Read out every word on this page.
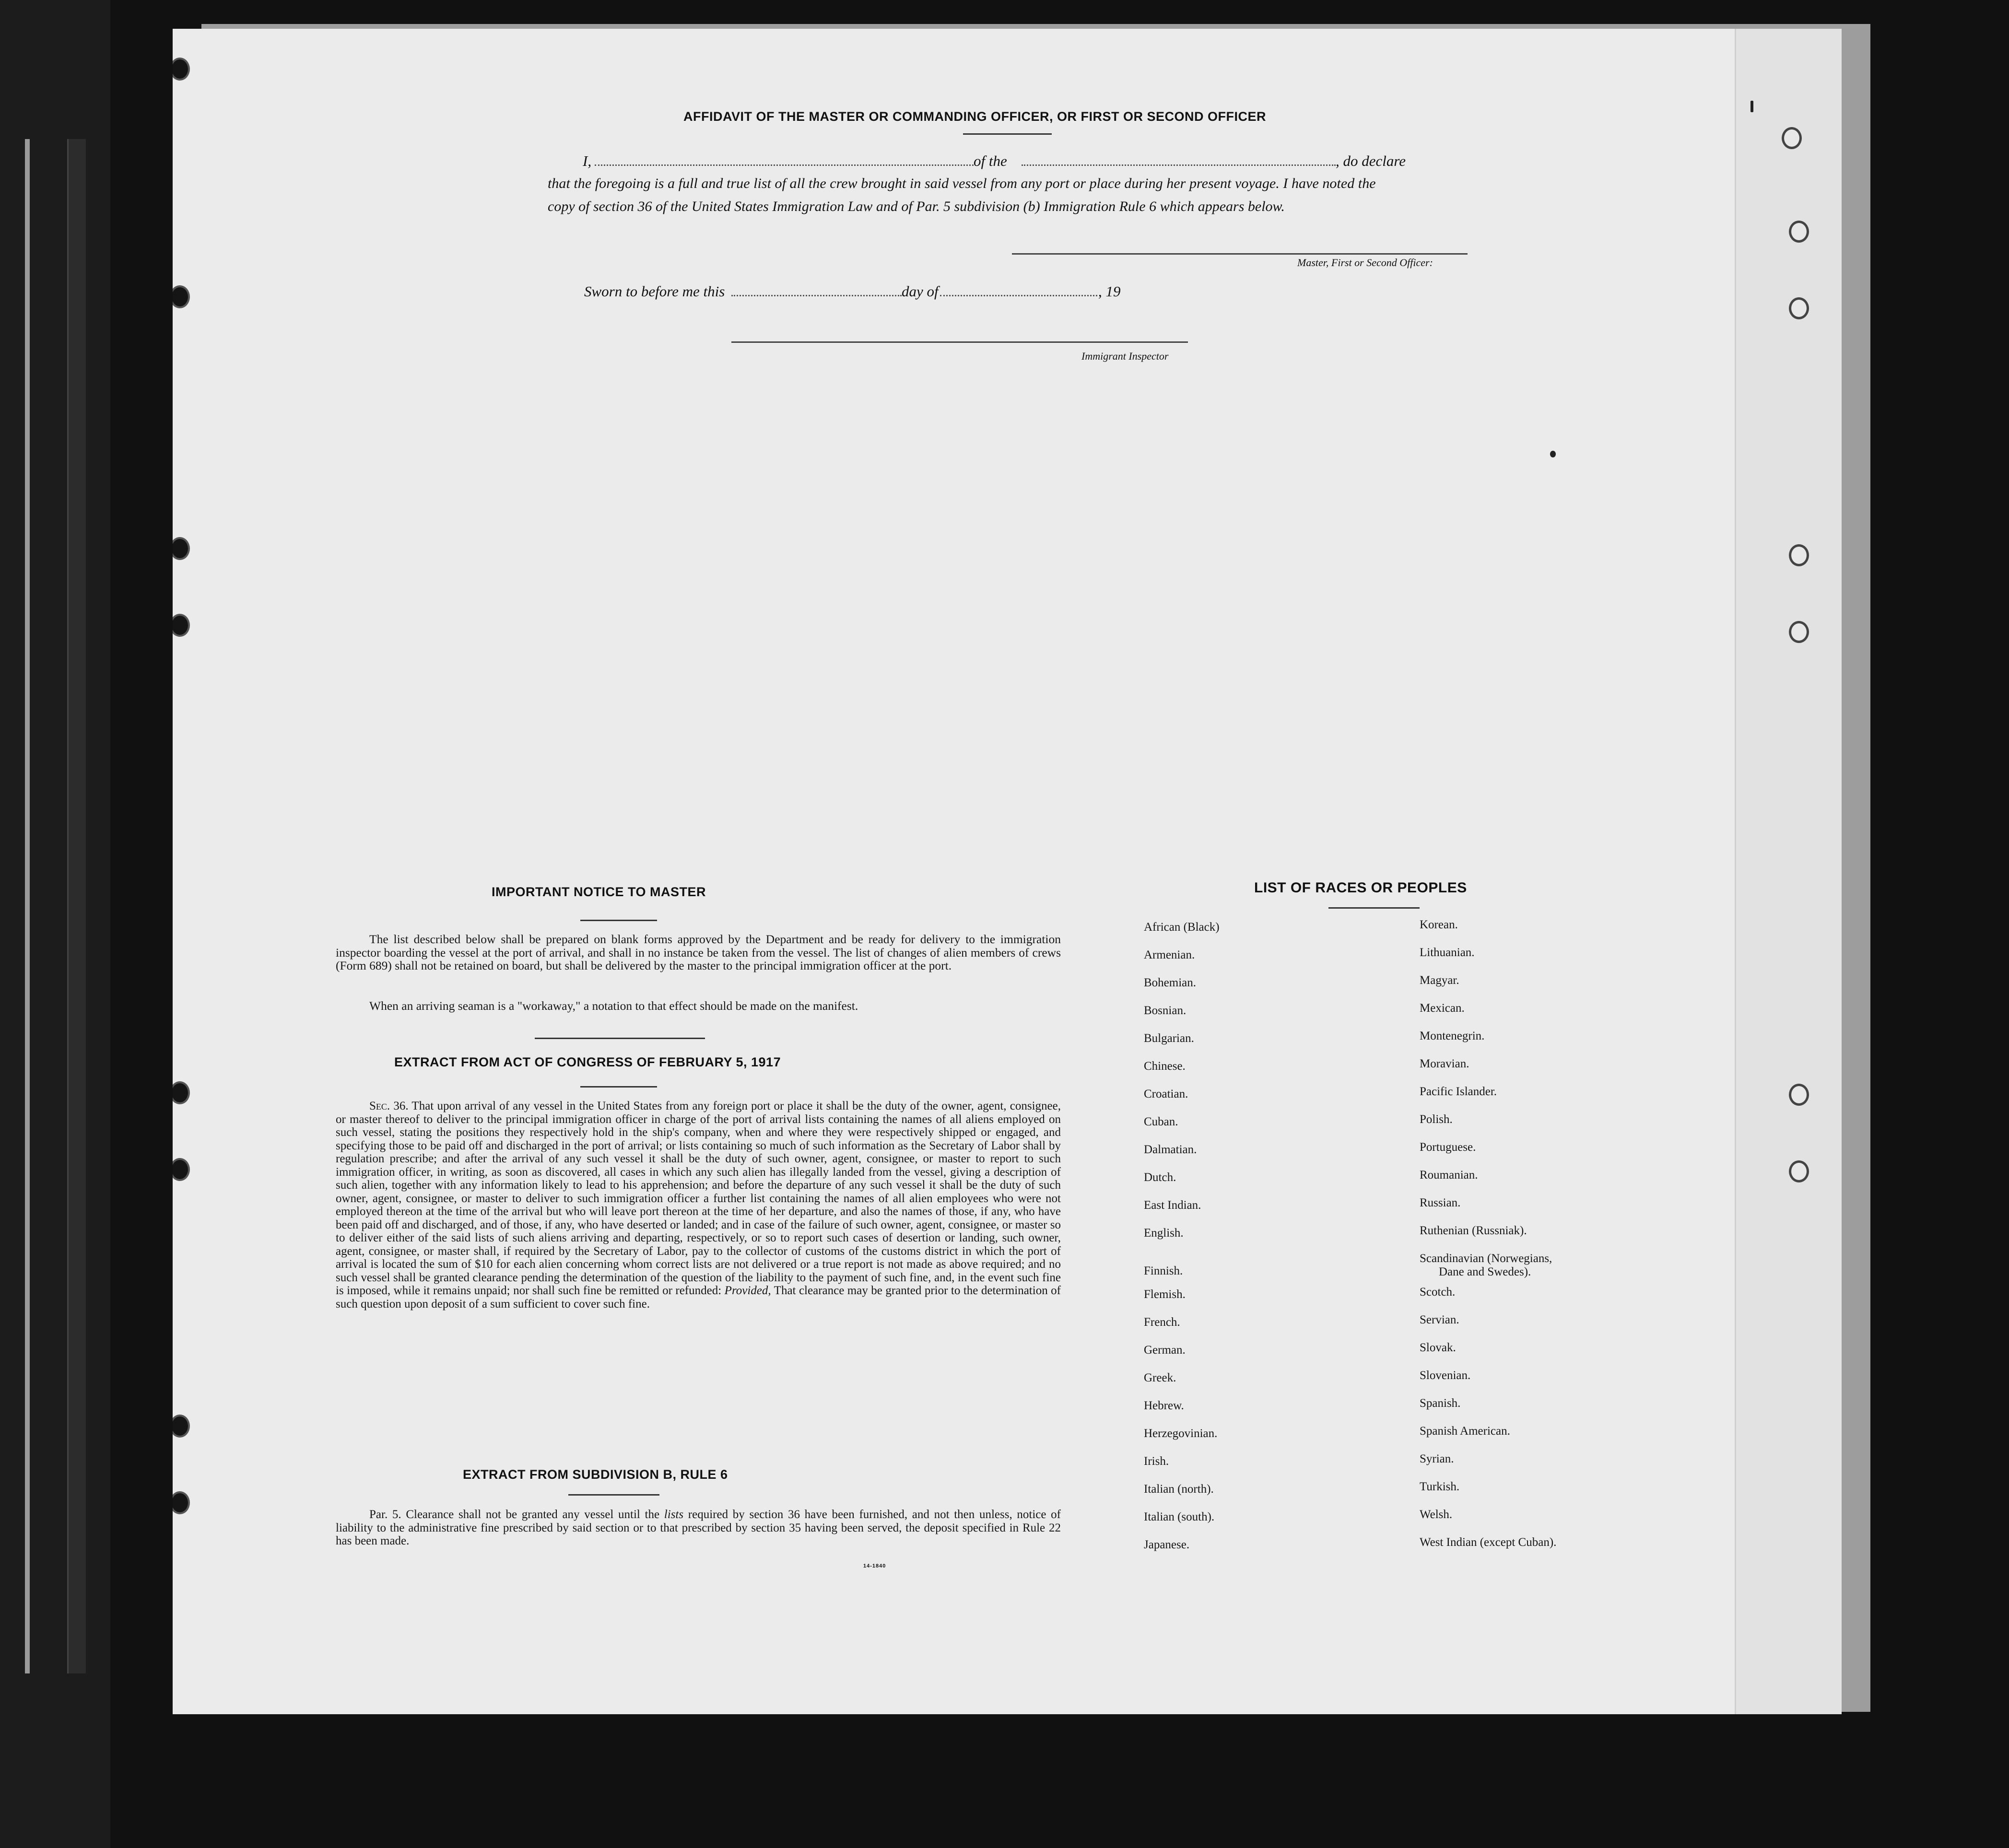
AFFIDAVIT OF THE MASTER OR COMMANDING OFFICER, OR FIRST OR SECOND OFFICER
I,	of the	, do declare
that the foregoing is a full and true list of all the crew brought in said vessel from any port or place during her present voyage. I have noted the
copy of section 36 of the United States Immigration Law and of Par. 5 subdivision (b) Immigration Rule 6 which appears below.
Master, First or Second Officer:
Sworn to before me this	day of	, 19
Immigrant Inspector
IMPORTANT NOTICE TO MASTER
The list described below shall be prepared on blank forms approved by the Department and be ready for delivery to the immigration inspector boarding the vessel at the port of arrival, and shall in no instance be taken from the vessel. The list of changes of alien members of crews (Form 689) shall not be retained on board, but shall be delivered by the master to the principal immigration officer at the port.
When an arriving seaman is a "workaway," a notation to that effect should be made on the manifest.
EXTRACT FROM ACT OF CONGRESS OF FEBRUARY 5, 1917
Sec. 36. That upon arrival of any vessel in the United States from any foreign port or place it shall be the duty of the owner, agent, consignee, or master thereof to deliver to the principal immigration officer in charge of the port of arrival lists containing the names of all aliens employed on such vessel, stating the positions they respectively hold in the ship's company, when and where they were respectively shipped or engaged, and specifying those to be paid off and discharged in the port of arrival; or lists containing so much of such information as the Secretary of Labor shall by regulation prescribe; and after the arrival of any such vessel it shall be the duty of such owner, agent, consignee, or master to report to such immigration officer, in writing, as soon as discovered, all cases in which any such alien has illegally landed from the vessel, giving a description of such alien, together with any information likely to lead to his apprehension; and before the departure of any such vessel it shall be the duty of such owner, agent, consignee, or master to deliver to such immigration officer a further list containing the names of all alien employees who were not employed thereon at the time of the arrival but who will leave port thereon at the time of her departure, and also the names of those, if any, who have been paid off and discharged, and of those, if any, who have deserted or landed; and in case of the failure of such owner, agent, consignee, or master so to deliver either of the said lists of such aliens arriving and departing, respectively, or so to report such cases of desertion or landing, such owner, agent, consignee, or master shall, if required by the Secretary of Labor, pay to the collector of customs of the customs district in which the port of arrival is located the sum of $10 for each alien concerning whom correct lists are not delivered or a true report is not made as above required; and no such vessel shall be granted clearance pending the determination of the question of the liability to the payment of such fine, and, in the event such fine is imposed, while it remains unpaid; nor shall such fine be remitted or refunded: Provided, That clearance may be granted prior to the determination of such question upon deposit of a sum sufficient to cover such fine.
EXTRACT FROM SUBDIVISION B, RULE 6
Par. 5. Clearance shall not be granted any vessel until the lists required by section 36 have been furnished, and not then unless, notice of liability to the administrative fine prescribed by said section or to that prescribed by section 35 having been served, the deposit specified in Rule 22 has been made.
14-1840
LIST OF RACES OR PEOPLES
African (Black)
Armenian.
Bohemian.
Bosnian.
Bulgarian.
Chinese.
Croatian.
Cuban.
Dalmatian.
Dutch.
East Indian.
English.
Finnish.
Flemish.
French.
German.
Greek.
Hebrew.
Herzegovinian.
Irish.
Italian (north).
Italian (south).
Japanese.
Korean.
Lithuanian.
Magyar.
Mexican.
Montenegrin.
Moravian.
Pacific Islander.
Polish.
Portuguese.
Roumanian.
Russian.
Ruthenian (Russniak).
Scandinavian (Norwegians,
Dane and Swedes).
Scotch.
Servian.
Slovak.
Slovenian.
Spanish.
Spanish American.
Syrian.
Turkish.
Welsh.
West Indian (except Cuban).
